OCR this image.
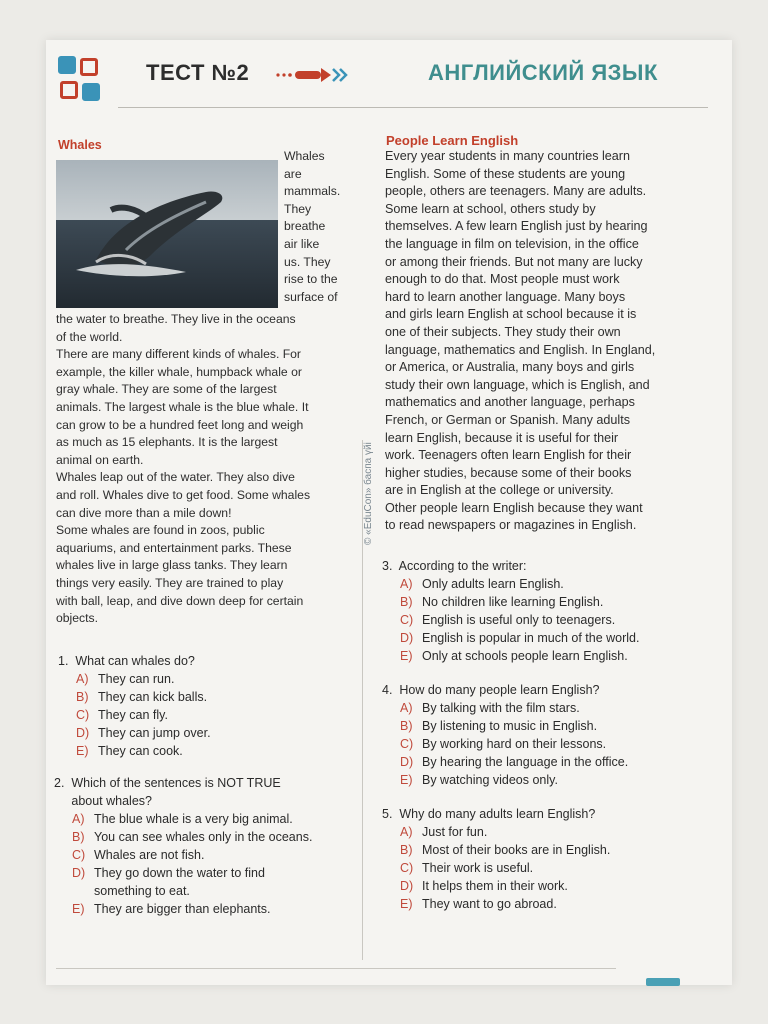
ТЕСТ №2	АНГЛИЙСКИЙ ЯЗЫК
Whales
Whales
are
mammals.
They
breathe
air like
us. They
rise to the
surface of
the water to breathe. They live in the oceans
of the world.
There are many different kinds of whales. For
example, the killer whale, humpback whale or
gray whale. They are some of the largest
animals. The largest whale is the blue whale. It
can grow to be a hundred feet long and weigh
as much as 15 elephants. It is the largest
animal on earth.
Whales leap out of the water. They also dive
and roll. Whales dive to get food. Some whales
can dive more than a mile down!
Some whales are found in zoos, public
aquariums, and entertainment parks. These
whales live in large glass tanks. They learn
things very easily. They are trained to play
with ball, leap, and dive down deep for certain
objects.
People Learn English
Every year students in many countries learn
English. Some of these students are young
people, others are teenagers. Many are adults.
Some learn at school, others study by
themselves. A few learn English just by hearing
the language in film on television, in the office
or among their friends. But not many are lucky
enough to do that. Most people must work
hard to learn another language. Many boys
and girls learn English at school because it is
one of their subjects. They study their own
language, mathematics and English. In England,
or America, or Australia, many boys and girls
study their own language, which is English, and
mathematics and another language, perhaps
French, or German or Spanish. Many adults
learn English, because it is useful for their
work. Teenagers often learn English for their
higher studies, because some of their books
are in English at the college or university.
Other people learn English because they want
to read newspapers or magazines in English.
© «EduCon» баспа үйі
1.  What can whales do?
A) They can run.
B) They can kick balls.
C) They can fly.
D) They can jump over.
E) They can cook.
2.  Which of the sentences is NOT TRUE
about whales?
A) The blue whale is a very big animal.
B) You can see whales only in the oceans.
C) Whales are not fish.
D) They go down the water to find
something to eat.
E) They are bigger than elephants.
3.  According to the writer:
A) Only adults learn English.
B) No children like learning English.
C) English is useful only to teenagers.
D) English is popular in much of the world.
E) Only at schools people learn English.
4.  How do many people learn English?
A) By talking with the film stars.
B) By listening to music in English.
C) By working hard on their lessons.
D) By hearing the language in the office.
E) By watching videos only.
5.  Why do many adults learn English?
A) Just for fun.
B) Most of their books are in English.
C) Their work is useful.
D) It helps them in their work.
E) They want to go abroad.
